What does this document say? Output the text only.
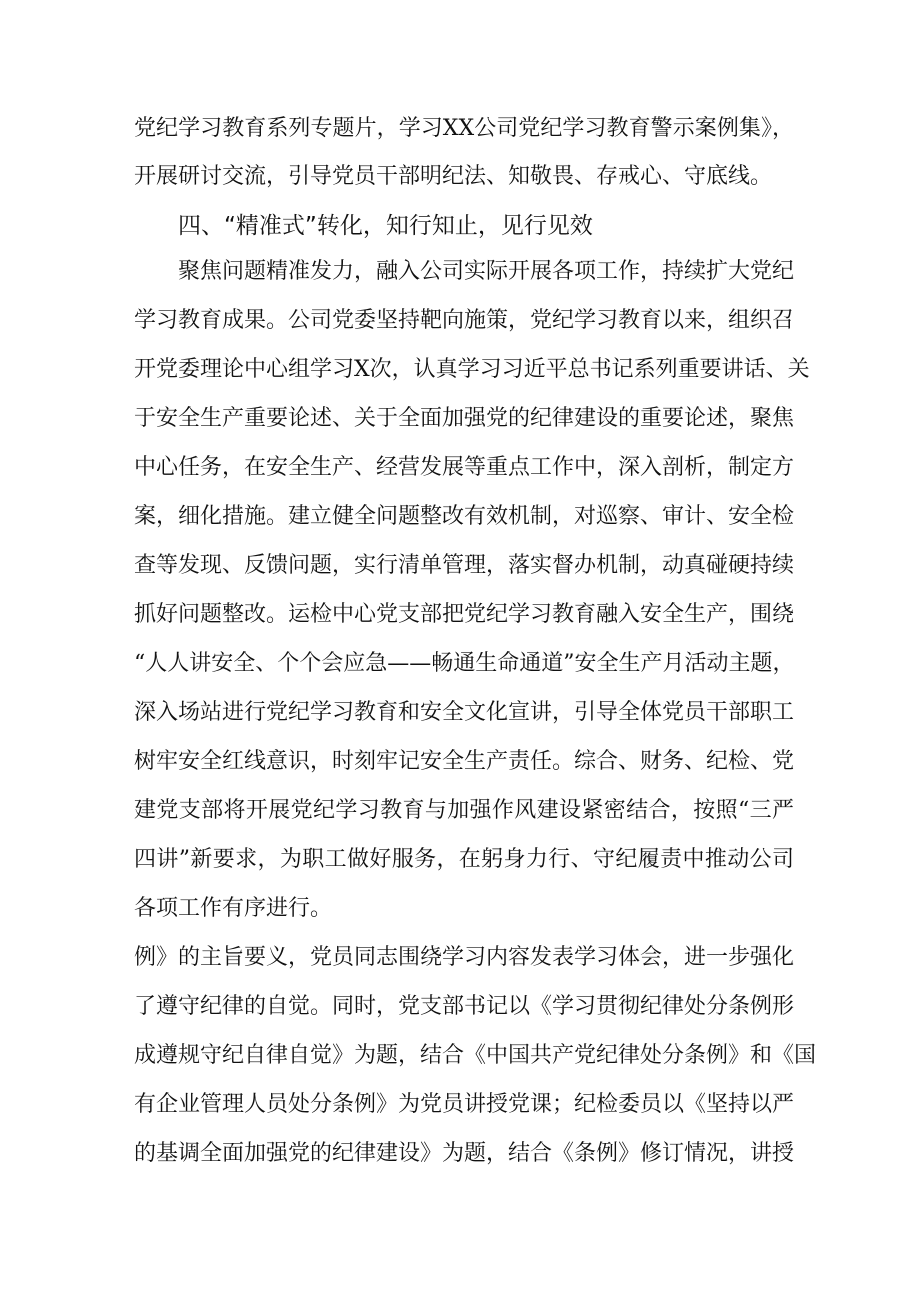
党纪学习教育系列专题片，学习XX公司党纪学习教育警示案例集》，
开展研讨交流，引导党员干部明纪法、知敬畏、存戒心、守底线。
四、“精准式”转化，知行知止，见行见效
聚焦问题精准发力，融入公司实际开展各项工作，持续扩大党纪
学习教育成果。公司党委坚持靶向施策，党纪学习教育以来，组织召
开党委理论中心组学习X次，认真学习习近平总书记系列重要讲话、关
于安全生产重要论述、关于全面加强党的纪律建设的重要论述，聚焦
中心任务，在安全生产、经营发展等重点工作中，深入剖析，制定方
案，细化措施。建立健全问题整改有效机制，对巡察、审计、安全检
查等发现、反馈问题，实行清单管理，落实督办机制，动真碰硬持续
抓好问题整改。运检中心党支部把党纪学习教育融入安全生产，围绕
“人人讲安全、个个会应急——畅通生命通道”安全生产月活动主题，
深入场站进行党纪学习教育和安全文化宣讲，引导全体党员干部职工
树牢安全红线意识，时刻牢记安全生产责任。综合、财务、纪检、党
建党支部将开展党纪学习教育与加强作风建设紧密结合，按照“三严
四讲”新要求，为职工做好服务，在躬身力行、守纪履责中推动公司
各项工作有序进行。
例》的主旨要义，党员同志围绕学习内容发表学习体会，进一步强化
了遵守纪律的自觉。同时，党支部书记以《学习贯彻纪律处分条例形
成遵规守纪自律自觉》为题，结合《中国共产党纪律处分条例》和《国
有企业管理人员处分条例》为党员讲授党课；纪检委员以《坚持以严
的基调全面加强党的纪律建设》为题，结合《条例》修订情况，讲授
